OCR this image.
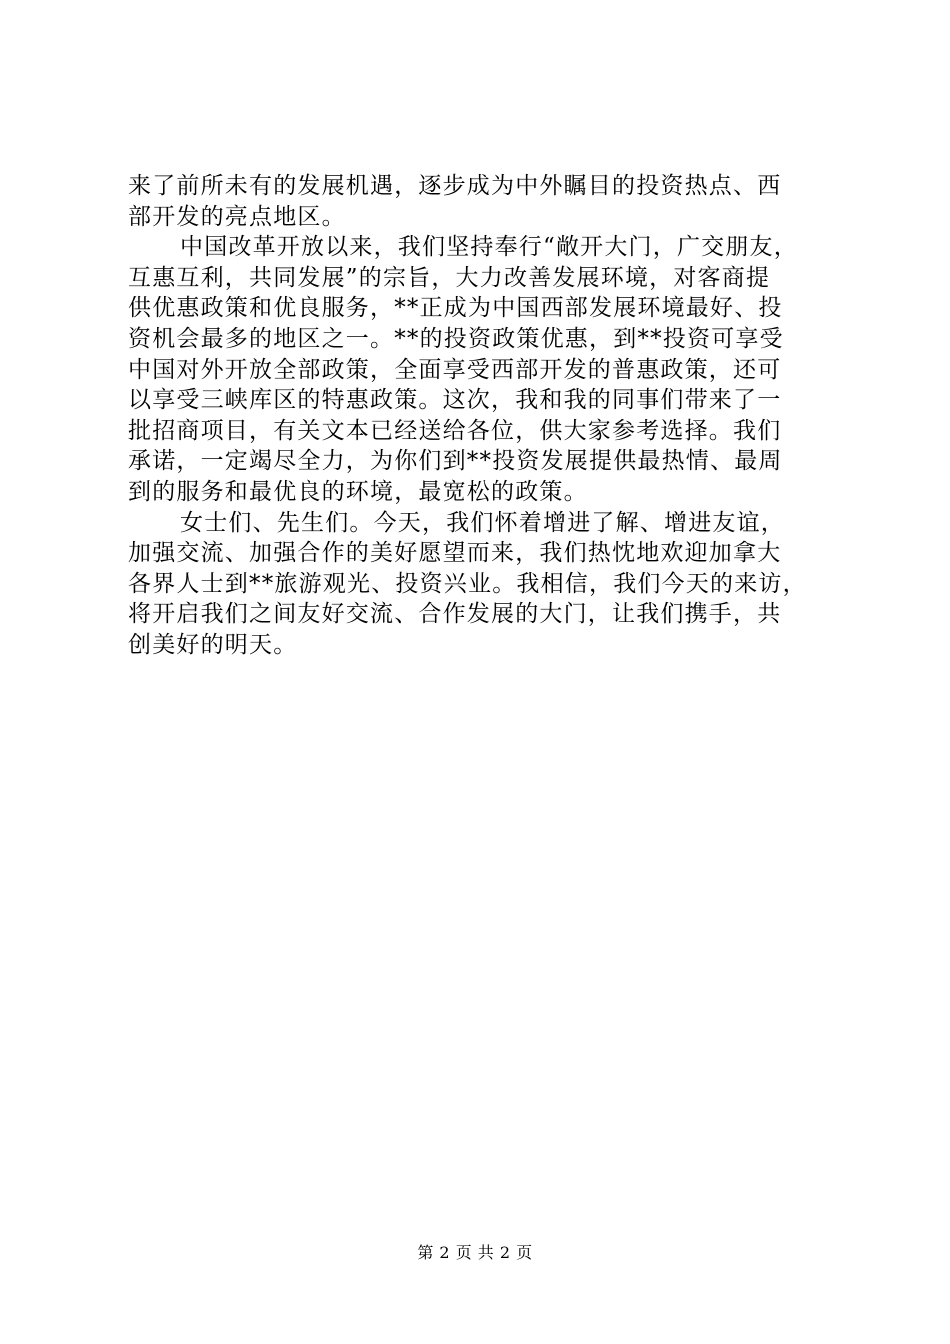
来了前所未有的发展机遇，逐步成为中外瞩目的投资热点、西
部开发的亮点地区。
中国改革开放以来，我们坚持奉行“敞开大门，广交朋友，
互惠互利，共同发展”的宗旨，大力改善发展环境，对客商提
供优惠政策和优良服务，**正成为中国西部发展环境最好、投
资机会最多的地区之一。**的投资政策优惠，到**投资可享受
中国对外开放全部政策，全面享受西部开发的普惠政策，还可
以享受三峡库区的特惠政策。这次，我和我的同事们带来了一
批招商项目，有关文本已经送给各位，供大家参考选择。我们
承诺，一定竭尽全力，为你们到**投资发展提供最热情、最周
到的服务和最优良的环境，最宽松的政策。
女士们、先生们。今天，我们怀着增进了解、增进友谊，
加强交流、加强合作的美好愿望而来，我们热忱地欢迎加拿大
各界人士到**旅游观光、投资兴业。我相信，我们今天的来访，
将开启我们之间友好交流、合作发展的大门，让我们携手，共
创美好的明天。
第 2 页 共 2 页
